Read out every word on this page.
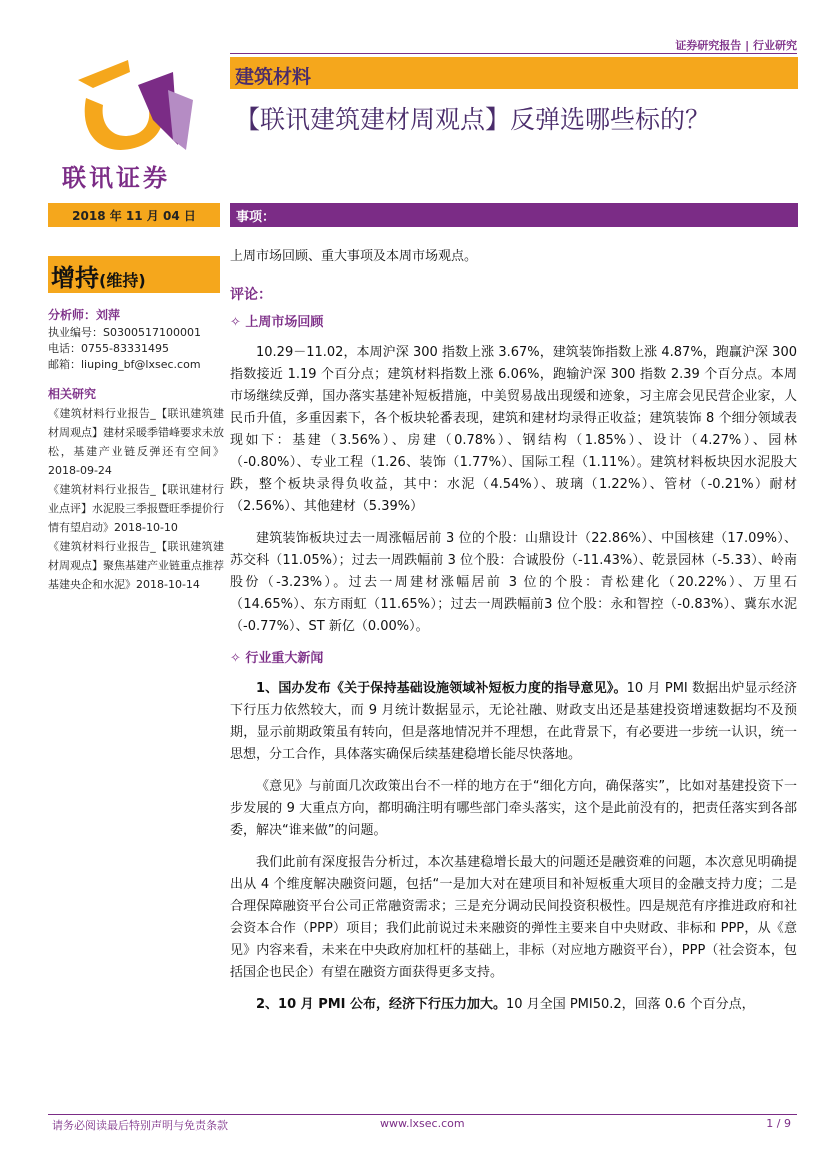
证券研究报告 | 行业研究
联讯证券
建筑材料
【联讯建筑建材周观点】反弹选哪些标的？
2018 年 11 月 04 日	事项：
增持(维持)
分析师：刘萍
执业编号：S0300517100001
电话：0755-83331495
邮箱：liuping_bf@lxsec.com
相关研究
《建筑材料行业报告_【联讯建筑建材周观点】建材采暖季错峰要求未放松，基建产业链反弹还有空间》2018-09-24
《建筑材料行业报告_【联讯建材行业点评】水泥股三季报暨旺季提价行情有望启动》2018-10-10
《建筑材料行业报告_【联讯建筑建材周观点】聚焦基建产业链重点推荐基建央企和水泥》2018-10-14

上周市场回顾、重大事项及本周市场观点。

评论：
✧ 上周市场回顾

10.29－11.02，本周沪深 300 指数上涨 3.67%，建筑装饰指数上涨 4.87%，跑赢沪深 300 指数接近 1.19 个百分点；建筑材料指数上涨 6.06%，跑输沪深 300 指数 2.39 个百分点。本周市场继续反弹，国办落实基建补短板措施，中美贸易战出现缓和迹象，习主席会见民营企业家，人民币升值，多重因素下，各个板块轮番表现，建筑和建材均录得正收益；建筑装饰 8 个细分领域表现如下：基建（3.56%）、房建（0.78%）、钢结构（1.85%）、设计（4.27%）、园林（-0.80%）、专业工程（1.26、装饰（1.77%）、国际工程（1.11%）。建筑材料板块因水泥股大跌，整个板块录得负收益，其中：水泥（4.54%）、玻璃（1.22%）、管材（-0.21%）耐材（2.56%）、其他建材（5.39%）

建筑装饰板块过去一周涨幅居前 3 位的个股：山鼎设计（22.86%）、中国核建（17.09%）、苏交科（11.05%）；过去一周跌幅前 3 位个股：合诚股份（-11.43%）、乾景园林（-5.33）、岭南股份（-3.23%）。过去一周建材涨幅居前 3 位的个股：青松建化（20.22%）、万里石（14.65%）、东方雨虹（11.65%）；过去一周跌幅前3 位个股：永和智控（-0.83%）、冀东水泥（-0.77%）、ST 新亿（0.00%）。

✧ 行业重大新闻

1、国办发布《关于保持基础设施领域补短板力度的指导意见》。10 月 PMI 数据出炉显示经济下行压力依然较大，而 9 月统计数据显示，无论社融、财政支出还是基建投资增速数据均不及预期，显示前期政策虽有转向，但是落地情况并不理想，在此背景下，有必要进一步统一认识，统一思想，分工合作，具体落实确保后续基建稳增长能尽快落地。

《意见》与前面几次政策出台不一样的地方在于“细化方向，确保落实”，比如对基建投资下一步发展的 9 大重点方向，都明确注明有哪些部门牵头落实，这个是此前没有的，把责任落实到各部委，解决“谁来做”的问题。

我们此前有深度报告分析过，本次基建稳增长最大的问题还是融资难的问题，本次意见明确提出从 4 个维度解决融资问题，包括“一是加大对在建项目和补短板重大项目的金融支持力度；二是合理保障融资平台公司正常融资需求；三是充分调动民间投资积极性。四是规范有序推进政府和社会资本合作（PPP）项目；我们此前说过未来融资的弹性主要来自中央财政、非标和 PPP，从《意见》内容来看，未来在中央政府加杠杆的基础上，非标（对应地方融资平台），PPP（社会资本，包括国企也民企）有望在融资方面获得更多支持。

2、10 月 PMI 公布，经济下行压力加大。10 月全国 PMI50.2，回落 0.6 个百分点，

请务必阅读最后特别声明与免责条款	www.lxsec.com	1 / 9
